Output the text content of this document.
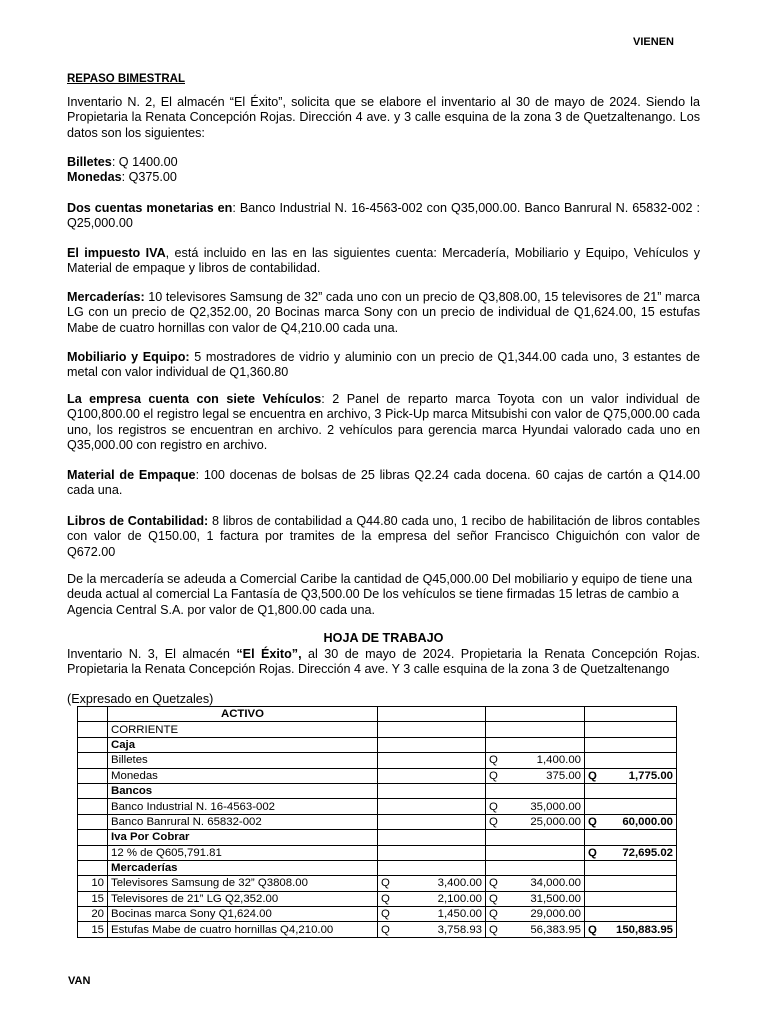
VIENEN
REPASO BIMESTRAL
Inventario N. 2, El almacén “El Éxito”, solicita que se elabore el inventario al 30 de mayo de 2024. Siendo la Propietaria la Renata Concepción Rojas. Dirección 4 ave. y 3 calle esquina de la zona 3 de Quetzaltenango. Los datos son los siguientes:
Billetes: Q 1400.00
Monedas: Q375.00
Dos cuentas monetarias en: Banco Industrial N. 16-4563-002 con Q35,000.00. Banco Banrural N. 65832-002 : Q25,000.00
El impuesto IVA, está incluido en las en las siguientes cuenta: Mercadería, Mobiliario y Equipo, Vehículos y Material de empaque y libros de contabilidad.
Mercaderías: 10 televisores Samsung de 32” cada uno con un precio de Q3,808.00, 15 televisores de 21” marca LG con un precio de Q2,352.00, 20 Bocinas marca Sony con un precio de individual de Q1,624.00, 15 estufas Mabe de cuatro hornillas con valor de Q4,210.00 cada una.
Mobiliario y Equipo: 5 mostradores de vidrio y aluminio con un precio de Q1,344.00 cada uno, 3 estantes de metal con valor individual de Q1,360.80
La empresa cuenta con siete Vehículos: 2 Panel de reparto marca Toyota con un valor individual de Q100,800.00 el registro legal se encuentra en archivo, 3 Pick-Up marca Mitsubishi con valor de Q75,000.00 cada uno, los registros se encuentran en archivo. 2 vehículos para gerencia marca Hyundai valorado cada uno en Q35,000.00 con registro en archivo.
Material de Empaque: 100 docenas de bolsas de 25 libras Q2.24 cada docena. 60 cajas de cartón a Q14.00 cada una.
Libros de Contabilidad: 8 libros de contabilidad a Q44.80 cada uno, 1 recibo de habilitación de libros contables con valor de Q150.00, 1 factura por tramites de la empresa del señor Francisco Chiguichón con valor de Q672.00
De la mercadería se adeuda a Comercial Caribe la cantidad de Q45,000.00 Del mobiliario y equipo de tiene una deuda actual al comercial La Fantasía de Q3,500.00 De los vehículos se tiene firmadas 15 letras de cambio a Agencia Central S.A. por valor de Q1,800.00 cada una.
HOJA DE TRABAJO
Inventario N. 3, El almacén “El Éxito”, al 30 de mayo de 2024. Propietaria la Renata Concepción Rojas. Propietaria la Renata Concepción Rojas. Dirección 4 ave. Y 3 calle esquina de la zona 3 de Quetzaltenango
(Expresado en Quetzales)
	ACTIVO			
	CORRIENTE			
	Caja			
	Billetes		Q 1,400.00	

	Monedas		Q 375.00	Q 1,775.00

	Bancos			
	Banco Industrial N. 16-4563-002		Q 35,000.00	

	Banco Banrural N. 65832-002		Q 25,000.00	Q 60,000.00

	Iva Por Cobrar			
	12 % de Q605,791.81			Q 72,695.02

	Mercaderías			
10	Televisores Samsung de 32” Q3808.00	Q 3,400.00	Q 34,000.00	

15	Televisores de 21” LG Q2,352.00	Q 2,100.00	Q 31,500.00	

20	Bocinas marca Sony Q1,624.00	Q 1,450.00	Q 29,000.00	

15	Estufas Mabe de cuatro hornillas Q4,210.00	Q 3,758.93	Q 56,383.95	Q 150,883.95
VAN
